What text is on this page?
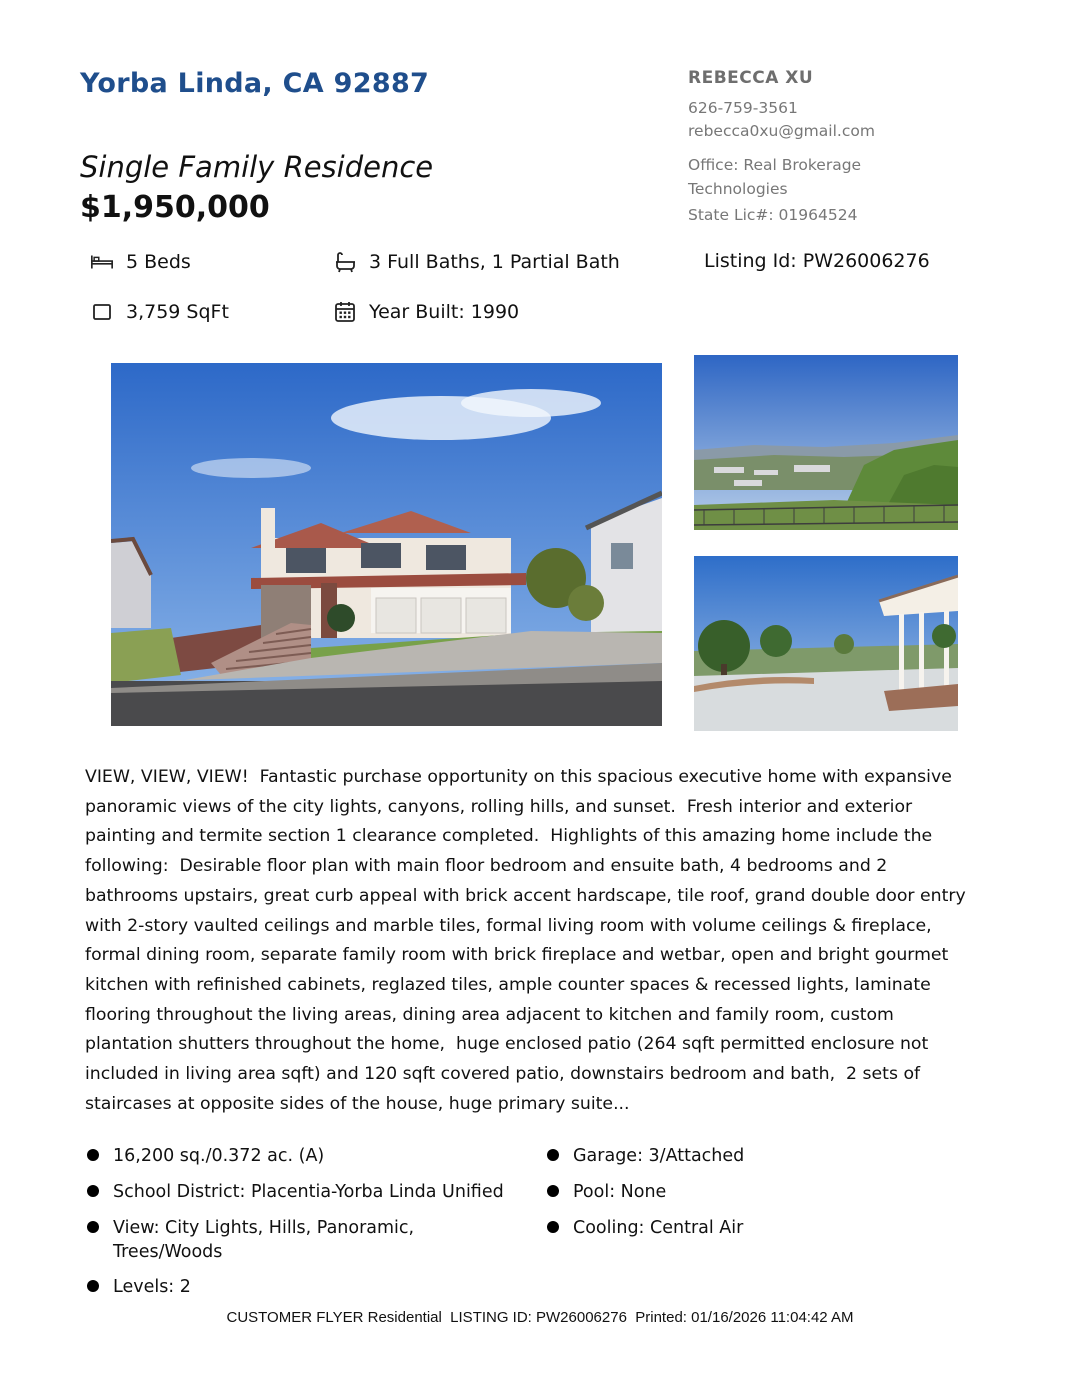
Yorba Linda, CA 92887
Single Family Residence
$1,950,000
REBECCA XU
626-759-3561
rebecca0xu@gmail.com
Office: Real Brokerage Technologies
State Lic#: 01964524
5 Beds	3 Full Baths, 1 Partial Bath	Listing Id: PW26006276
3,759 SqFt	Year Built: 1990
VIEW, VIEW, VIEW!  Fantastic purchase opportunity on this spacious executive home with expansive panoramic views of the city lights, canyons, rolling hills, and sunset.  Fresh interior and exterior painting and termite section 1 clearance completed.  Highlights of this amazing home include the following:  Desirable floor plan with main floor bedroom and ensuite bath, 4 bedrooms and 2 bathrooms upstairs, great curb appeal with brick accent hardscape, tile roof, grand double door entry with 2-story vaulted ceilings and marble tiles, formal living room with volume ceilings & fireplace, formal dining room, separate family room with brick fireplace and wetbar, open and bright gourmet kitchen with refinished cabinets, reglazed tiles, ample counter spaces & recessed lights, laminate flooring throughout the living areas, dining area adjacent to kitchen and family room, custom plantation shutters throughout the home,  huge enclosed patio (264 sqft permitted enclosure not included in living area sqft) and 120 sqft covered patio, downstairs bedroom and bath,  2 sets of staircases at opposite sides of the house, huge primary suite...
16,200 sq./0.372 ac. (A)
School District: Placentia-Yorba Linda Unified
View: City Lights, Hills, Panoramic, Trees/Woods
Levels: 2
Garage: 3/Attached
Pool: None
Cooling: Central Air
CUSTOMER FLYER Residential  LISTING ID: PW26006276  Printed: 01/16/2026 11:04:42 AM
